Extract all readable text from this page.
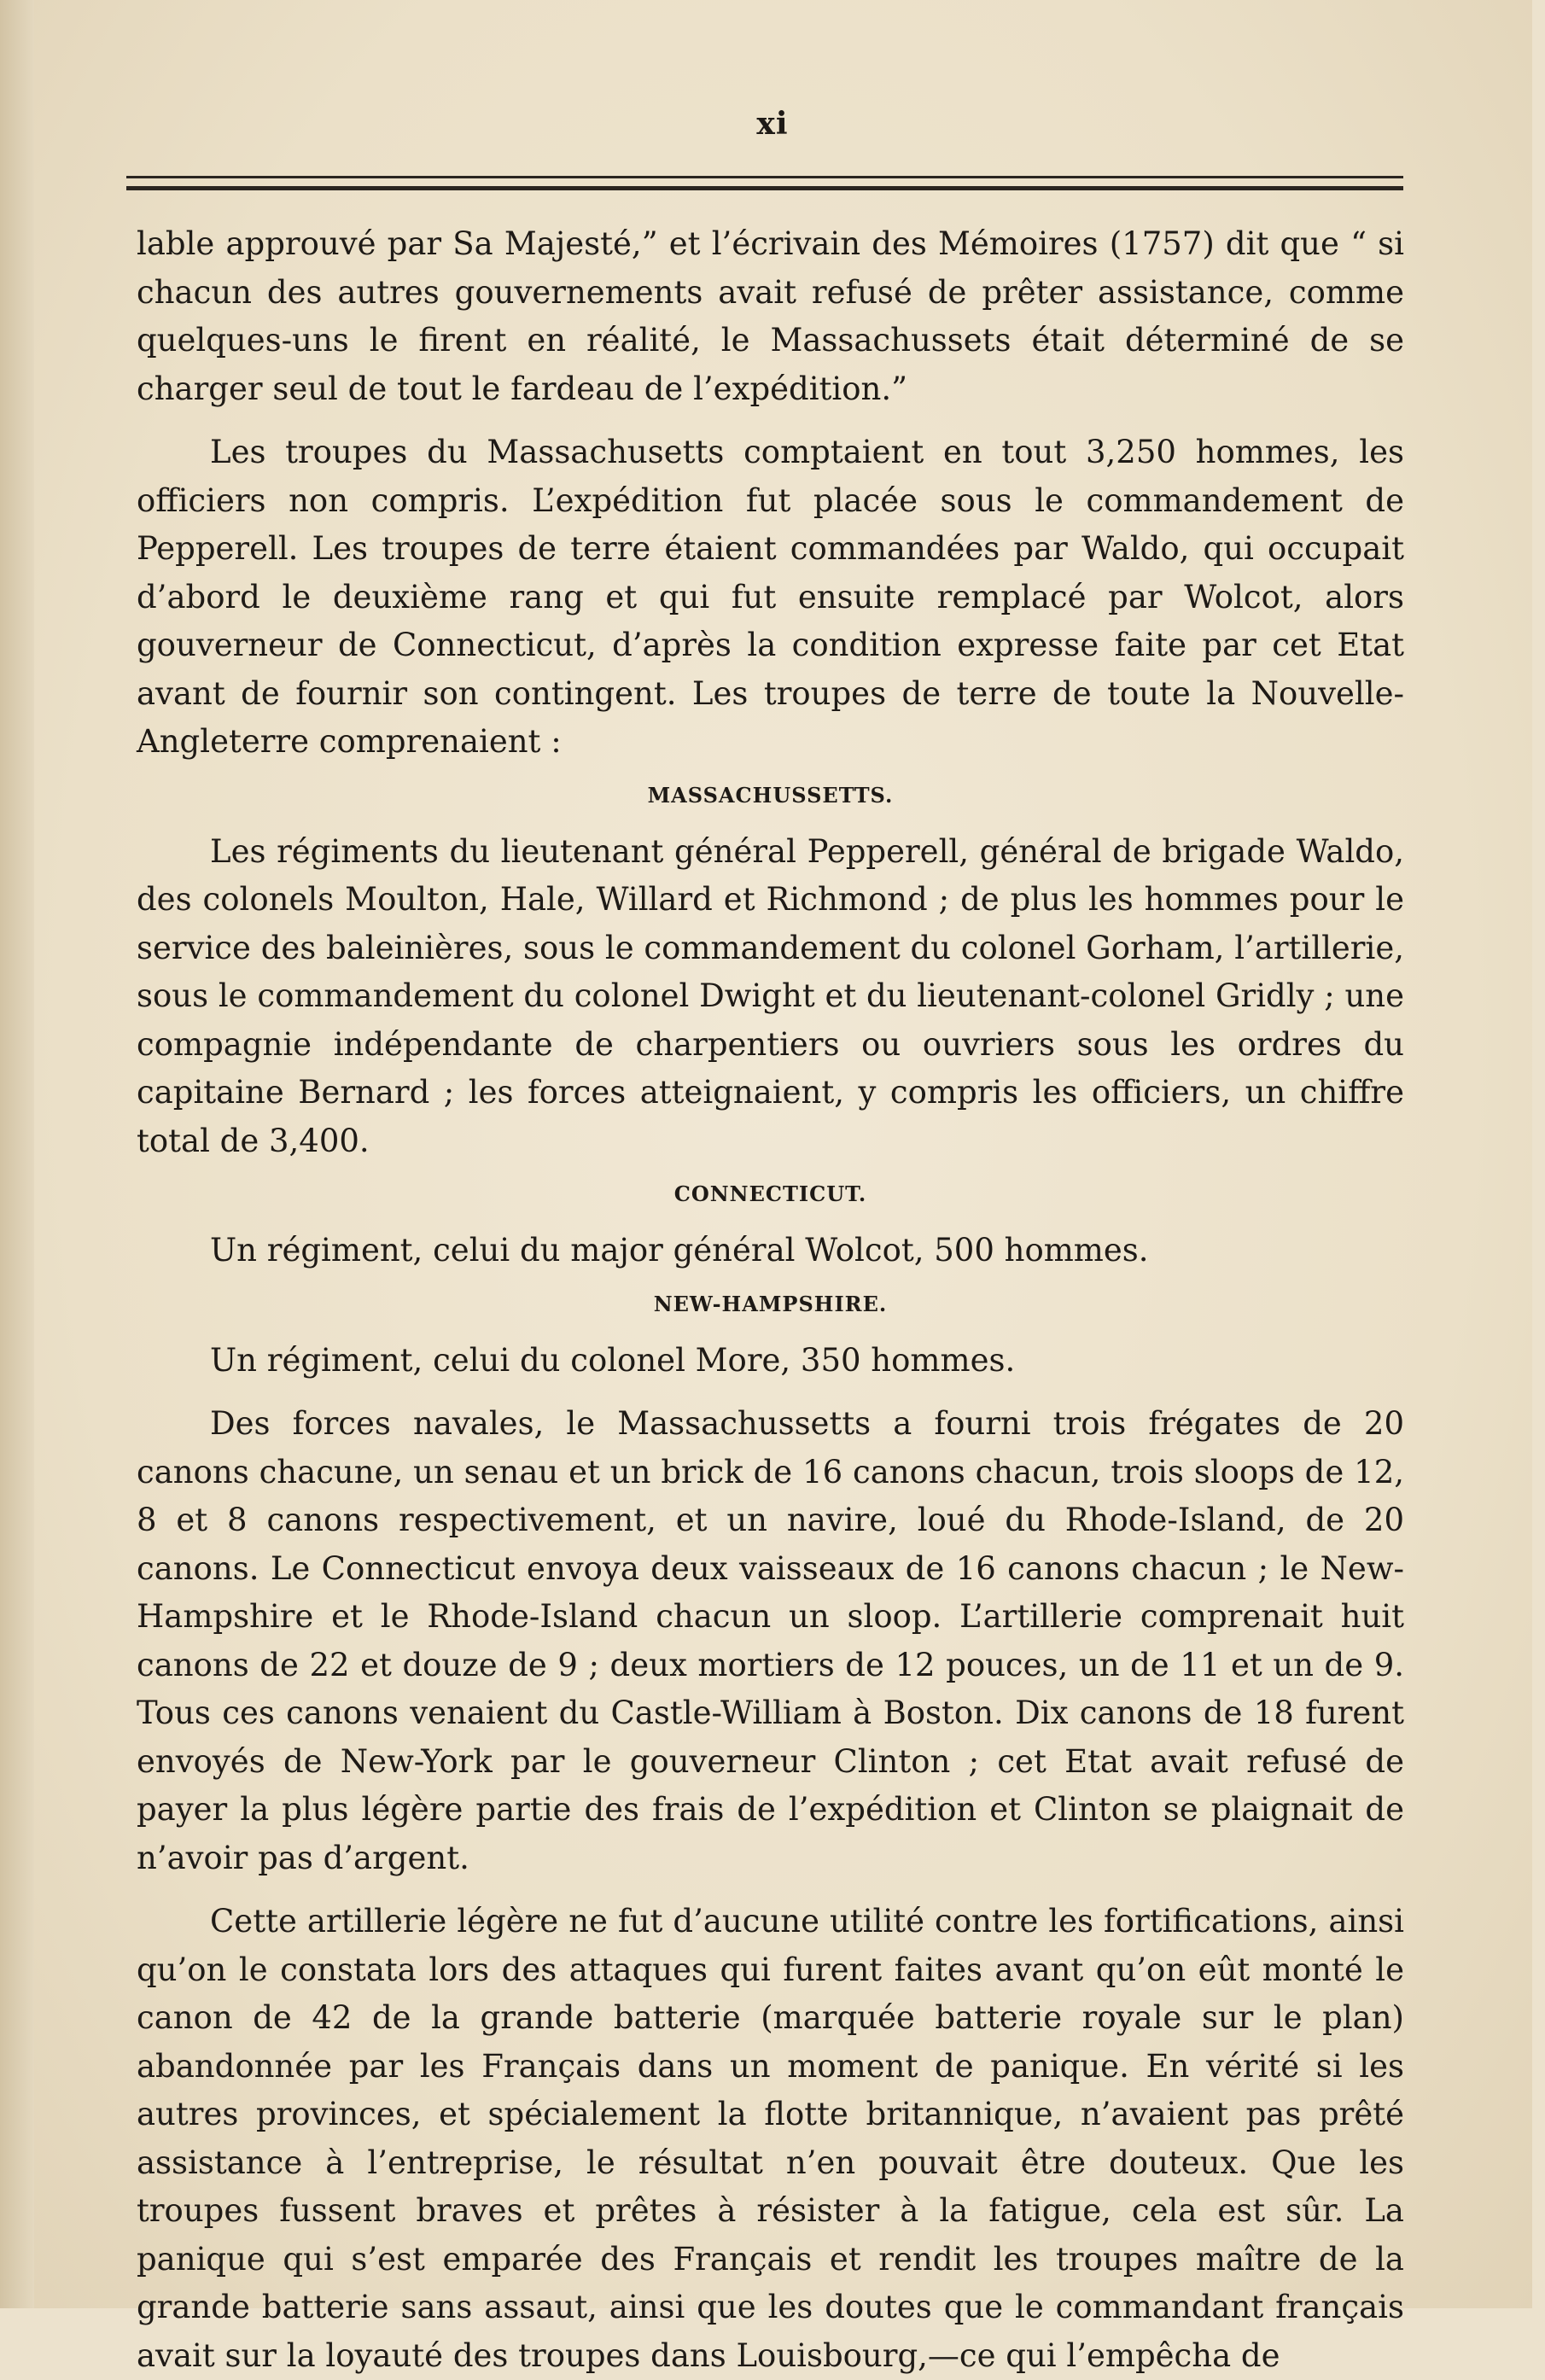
xi

lable approuvé par Sa Majesté,” et l’écrivain des Mémoires (1757) dit que “ si chacun des autres gouvernements avait refusé de prêter assistance, comme quelques-uns le firent en réalité, le Massachussets était déterminé de se charger seul de tout le fardeau de l’expédition.”

Les troupes du Massachusetts comptaient en tout 3,250 hommes, les officiers non compris. L’expédition fut placée sous le commandement de Pepperell. Les troupes de terre étaient commandées par Waldo, qui occupait d’abord le deuxième rang et qui fut ensuite remplacé par Wolcot, alors gouverneur de Connecticut, d’après la condition expresse faite par cet Etat avant de fournir son contingent. Les troupes de terre de toute la Nouvelle-Angleterre comprenaient :

MASSACHUSSETTS.

Les régiments du lieutenant général Pepperell, général de brigade Waldo, des colonels Moulton, Hale, Willard et Richmond ; de plus les hommes pour le service des baleinières, sous le commandement du colonel Gorham, l’artillerie, sous le commandement du colonel Dwight et du lieutenant-colonel Gridly ; une compagnie indépendante de charpentiers ou ouvriers sous les ordres du capitaine Bernard ; les forces atteignaient, y compris les officiers, un chiffre total de 3,400.

CONNECTICUT.

Un régiment, celui du major général Wolcot, 500 hommes.

NEW-HAMPSHIRE.

Un régiment, celui du colonel More, 350 hommes.

Des forces navales, le Massachussetts a fourni trois frégates de 20 canons chacune, un senau et un brick de 16 canons chacun, trois sloops de 12, 8 et 8 canons respectivement, et un navire, loué du Rhode-Island, de 20 canons. Le Connecticut envoya deux vaisseaux de 16 canons chacun ; le New-Hampshire et le Rhode-Island chacun un sloop. L’artillerie comprenait huit canons de 22 et douze de 9 ; deux mortiers de 12 pouces, un de 11 et un de 9. Tous ces canons venaient du Castle-William à Boston. Dix canons de 18 furent envoyés de New-York par le gouverneur Clinton ; cet Etat avait refusé de payer la plus légère partie des frais de l’expédition et Clinton se plaignait de n’avoir pas d’argent.

Cette artillerie légère ne fut d’aucune utilité contre les fortifications, ainsi qu’on le constata lors des attaques qui furent faites avant qu’on eût monté le canon de 42 de la grande batterie (marquée batterie royale sur le plan) abandonnée par les Français dans un moment de panique. En vérité si les autres provinces, et spécialement la flotte britannique, n’avaient pas prêté assistance à l’entreprise, le résultat n’en pouvait être douteux. Que les troupes fussent braves et prêtes à résister à la fatigue, cela est sûr. La panique qui s’est emparée des Français et rendit les troupes maître de la grande batterie sans assaut, ainsi que les doutes que le commandant français avait sur la loyauté des troupes dans Louisbourg,—ce qui l’empêcha de
